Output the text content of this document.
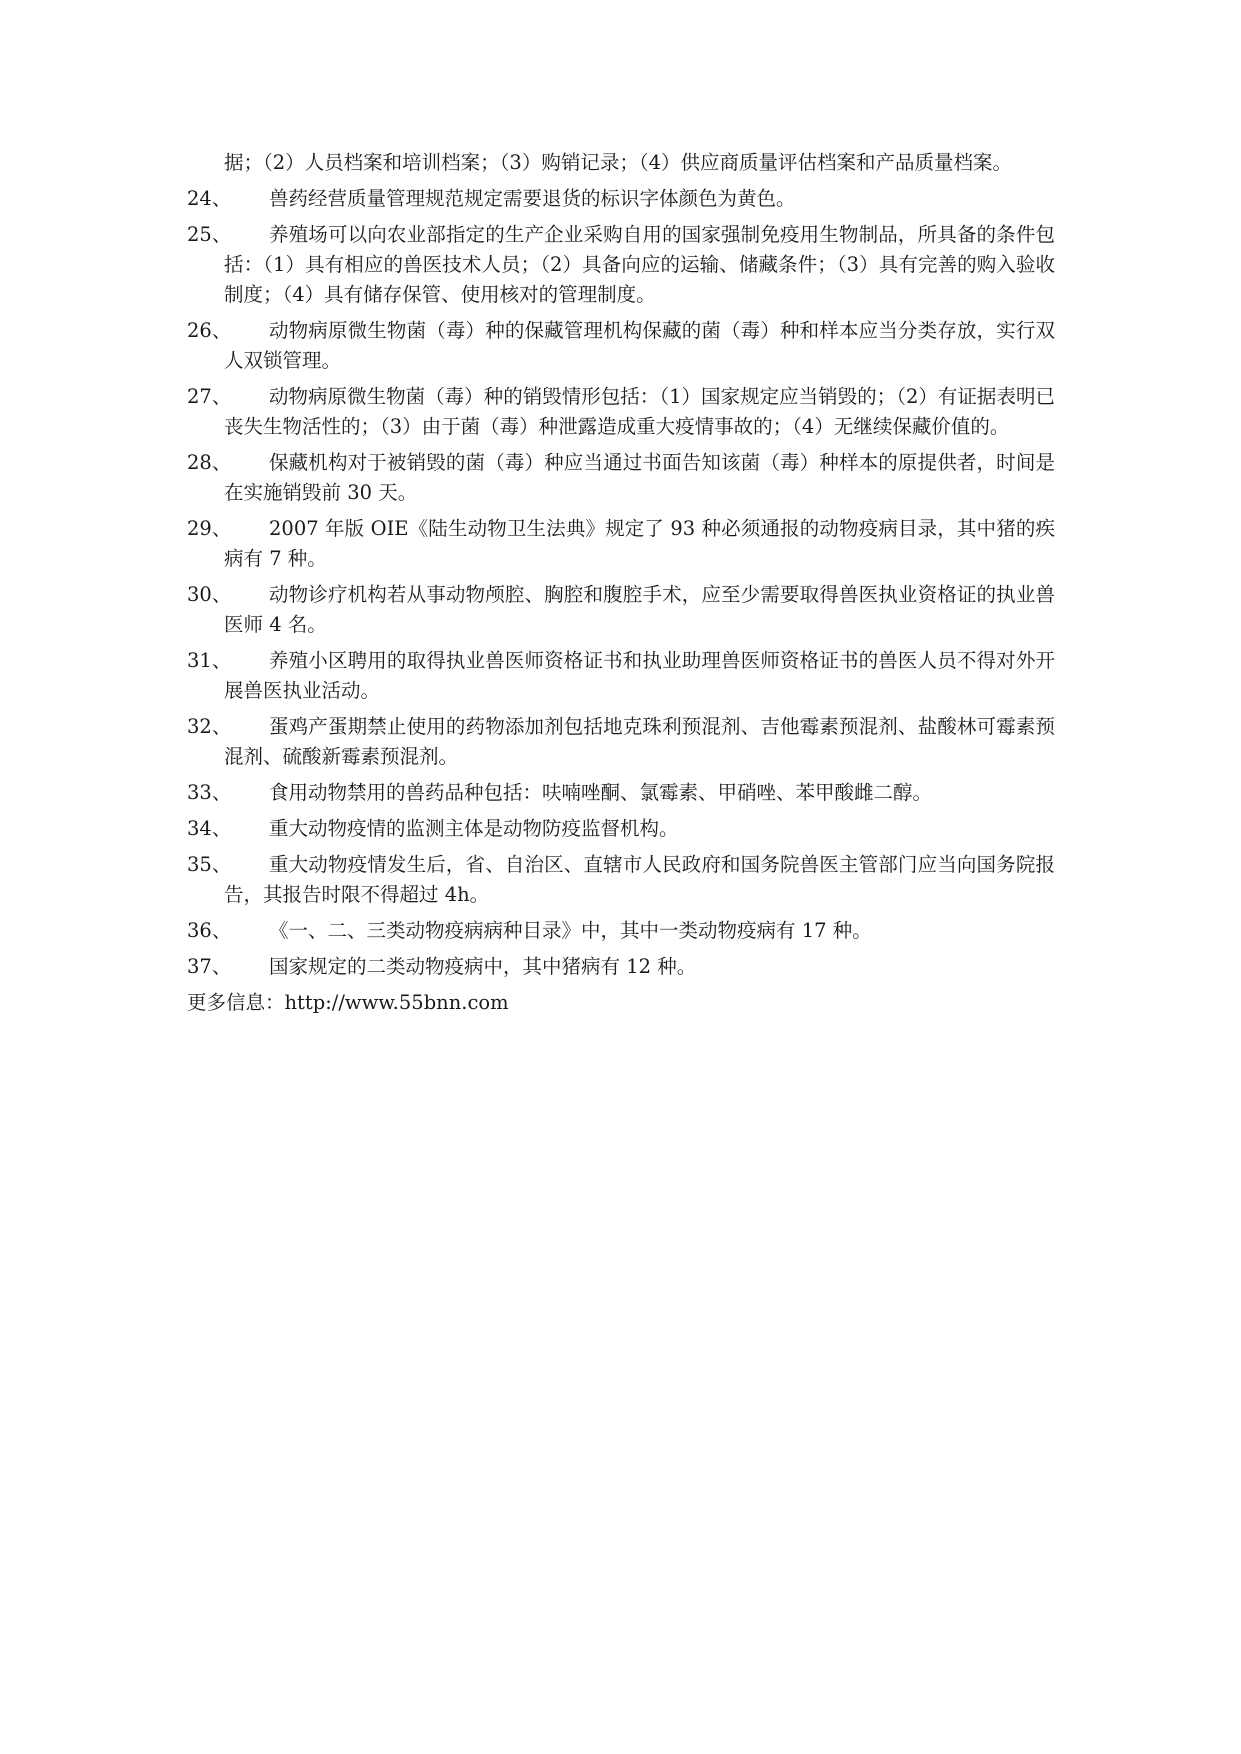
据；（2）人员档案和培训档案；（3）购销记录；（4）供应商质量评估档案和产品质量档案。

24、	兽药经营质量管理规范规定需要退货的标识字体颜色为黄色。

25、	养殖场可以向农业部指定的生产企业采购自用的国家强制免疫用生物制品，所具备的条件包括：（1）具有相应的兽医技术人员；（2）具备向应的运输、储藏条件；（3）具有完善的购入验收制度；（4）具有储存保管、使用核对的管理制度。

26、	动物病原微生物菌（毒）种的保藏管理机构保藏的菌（毒）种和样本应当分类存放，实行双人双锁管理。

27、	动物病原微生物菌（毒）种的销毁情形包括：（1）国家规定应当销毁的；（2）有证据表明已丧失生物活性的；（3）由于菌（毒）种泄露造成重大疫情事故的；（4）无继续保藏价值的。

28、	保藏机构对于被销毁的菌（毒）种应当通过书面告知该菌（毒）种样本的原提供者，时间是在实施销毁前 30 天。

29、	2007 年版 OIE《陆生动物卫生法典》规定了 93 种必须通报的动物疫病目录，其中猪的疾病有 7 种。

30、	动物诊疗机构若从事动物颅腔、胸腔和腹腔手术，应至少需要取得兽医执业资格证的执业兽医师 4 名。

31、	养殖小区聘用的取得执业兽医师资格证书和执业助理兽医师资格证书的兽医人员不得对外开展兽医执业活动。

32、	蛋鸡产蛋期禁止使用的药物添加剂包括地克珠利预混剂、吉他霉素预混剂、盐酸林可霉素预混剂、硫酸新霉素预混剂。

33、	食用动物禁用的兽药品种包括：呋喃唑酮、氯霉素、甲硝唑、苯甲酸雌二醇。

34、	重大动物疫情的监测主体是动物防疫监督机构。

35、	重大动物疫情发生后，省、自治区、直辖市人民政府和国务院兽医主管部门应当向国务院报告，其报告时限不得超过 4h。

36、	《一、二、三类动物疫病病种目录》中，其中一类动物疫病有 17 种。

37、	国家规定的二类动物疫病中，其中猪病有 12 种。

更多信息：http://www.55bnn.com
